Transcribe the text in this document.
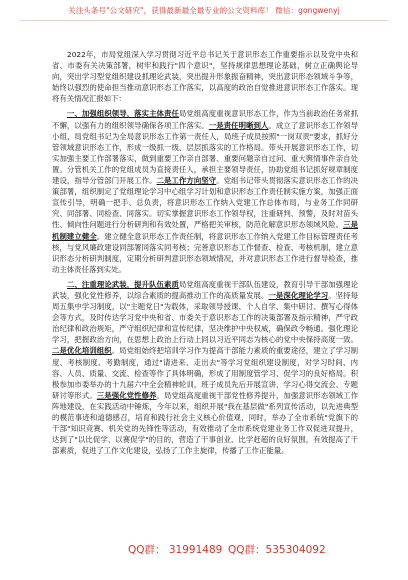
关注头条号"公文研究"，获得最新最全最专业的公文资料库！ 微信：gongwenyj

2022年，市局党组深入学习贯彻习近平总书记关于意识形态工作重要指示以及党中央和省、市委有关决策部署，树牢和践行"四个意识"，坚持规律思想理论基础，树立正确舆论导向，突出学习型党组织建设抓理论武装，突出提升形象振奋精神，突出意识形态领域斗争等，始终以强烈的使命担当推动意识形态工作落实，以高度的政治自觉推进意识形态工作落实。现将有关情况汇报如下：

一、加强组织领导，落实主体责任局党组高度重视意识形态工作，作为当前政治任务常抓不懈，以强有力的组织领导确保各项工作落实。一是责任明晰到人。成立了意识形态工作领导小组，局党组书记为全局意识形态工作第一责任人，局班子成员按照"一岗双责"要求，抓好分管领域意识形态工作，形成一级抓一级、层层抓落实的工作格局。带头开展意识形态工作，切实加强主要工作部署落实，做到重要工作亲自部署、重要问题亲自过问、重大舆情事件亲自处置。分管机关工作的党组成员为直接责任人，承担主要领导责任，协助党组书记抓好规章制度建设，指导分管部门开展工作。二是工作方向坚守。党组书记带头贯彻落实意识形态工作的决策部署，组织制定了党组理论学习中心组学习计划和意识形态工作责任制实施方案，加强正面宣传引导，明确一把手、总负责，将意识形态工作纳入党建工作总体布局，与业务工作同研究、同部署、同检查、同落实。切实掌握意识形态工作领导权，注重研判、预警，及时对苗头性、倾向性问题进行分析研判和有效处置，严格把关审核，防范化解意识形态领域风险。三是机制建立健全。建立健全意识形态工作责任制，将意识形态工作纳入党建工作目标管理责任考核，与党风廉政建设同部署同落实同考核；完善意识形态工作督查、检查、考核机制，建立意识形态分析研判制度，定期分析研判意识形态领域情况，并对意识形态工作进行督导检查，推动主体责任落到实处。

二、注重理论武装，提升队伍素质局党组高度重视干部队伍建设，教育引导干部加强理论武装，强化党性修养，以综合素质的提高推动工作的高质量发展。一是深化理论学习。坚持每周五集中学习制度，以"主题党日"为载体，采取领导授课、个人自学、集中研讨、撰写心得体会等方式，及时传达学习党中央和省、市委关于意识形态工作的决策部署及指示精神，严守政治纪律和政治规矩，严守组织纪律和宣传纪律，坚决维护中央权威，确保政令畅通。强化理论学习，把握政治方向，在思想上政治上行动上同以习近平同志为核心的党中央保持高度一致。二是优化培训组织。局党组始终把培训学习作为提高干部能力素质的重要途径，建立了学习制度、考核制度、考勤制度，通过"请进来、走出去"等学习党组织建设制度，对学习时间、内容、人员、质量、交流、检查等作了具体明确，形成了用制度管学习、促学习的良好格局。积极参加市委举办的十九届六中全会精神轮训，班子成员先后开展宣讲、学习心得交流会、专题研讨等形式。三是强化党性修养。局党组高度重视干部党性修养提升，加强意识形态领域工作阵地建设，在实践活动中锤炼，今年以来，组织开展"我在基层做"系列宣传活动，以先进典型的模范事迹和道德感召，培育和践行社会主义核心价值观，同时，举办了全市系统"党旗下的干部"知识竞赛、机关党的先锋性等活动，有效推动了全市系统党建业务工作双促进双提升，达到了"以比促学、以赛促学"的目的，营造了干事创业、比学赶超的良好氛围，有效提高了干部素质，促进了工作文化建设，弘扬了工作主旋律，传播了工作正能量。

QQ群： 31991489 QQ群：535304092
